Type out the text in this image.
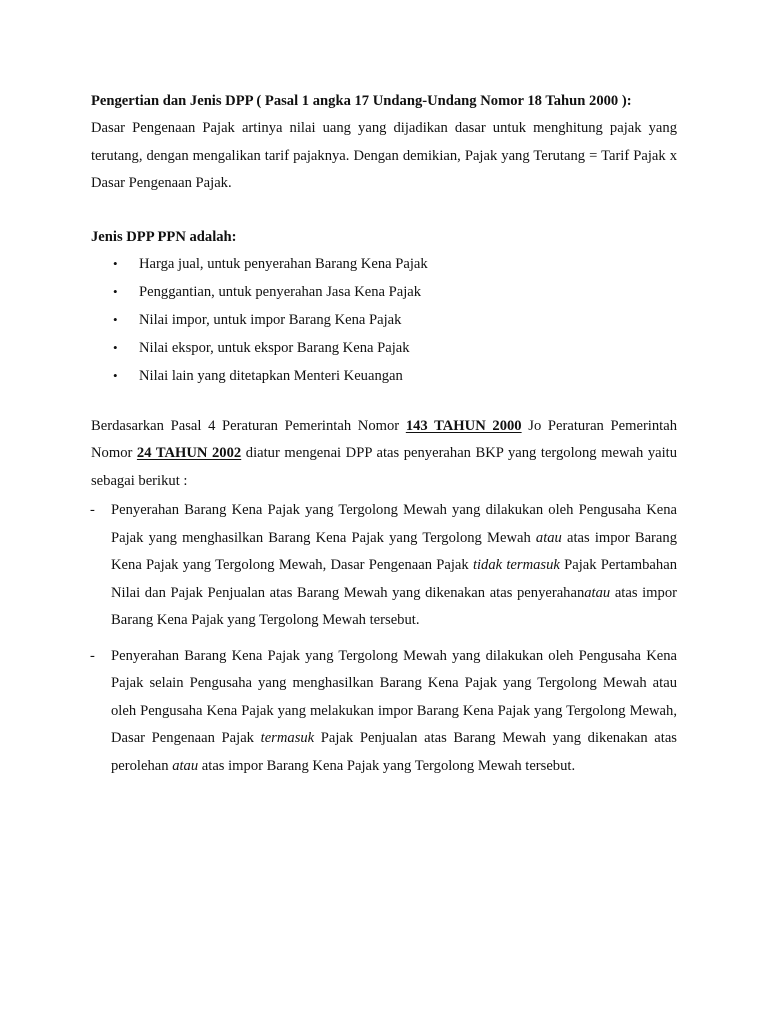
Pengertian dan Jenis DPP ( Pasal 1 angka 17 Undang-Undang Nomor 18 Tahun 2000 ):

Dasar Pengenaan Pajak artinya nilai uang yang dijadikan dasar untuk menghitung pajak yang terutang, dengan mengalikan tarif pajaknya. Dengan demikian, Pajak yang Terutang = Tarif Pajak x Dasar Pengenaan Pajak.

Jenis DPP PPN adalah:

• Harga jual, untuk penyerahan Barang Kena Pajak
• Penggantian, untuk penyerahan Jasa Kena Pajak
• Nilai impor, untuk impor Barang Kena Pajak
• Nilai ekspor, untuk ekspor Barang Kena Pajak
• Nilai lain yang ditetapkan Menteri Keuangan

Berdasarkan Pasal 4 Peraturan Pemerintah Nomor 143 TAHUN 2000 Jo Peraturan Pemerintah Nomor 24 TAHUN 2002 diatur mengenai DPP atas penyerahan BKP yang tergolong mewah yaitu sebagai berikut :

- Penyerahan Barang Kena Pajak yang Tergolong Mewah yang dilakukan oleh Pengusaha Kena Pajak yang menghasilkan Barang Kena Pajak yang Tergolong Mewah atau atas impor Barang Kena Pajak yang Tergolong Mewah, Dasar Pengenaan Pajak tidak termasuk Pajak Pertambahan Nilai dan Pajak Penjualan atas Barang Mewah yang dikenakan atas penyerahanatau atas impor Barang Kena Pajak yang Tergolong Mewah tersebut.

- Penyerahan Barang Kena Pajak yang Tergolong Mewah yang dilakukan oleh Pengusaha Kena Pajak selain Pengusaha yang menghasilkan Barang Kena Pajak yang Tergolong Mewah atau oleh Pengusaha Kena Pajak yang melakukan impor Barang Kena Pajak yang Tergolong Mewah, Dasar Pengenaan Pajak termasuk Pajak Penjualan atas Barang Mewah yang dikenakan atas perolehan atau atas impor Barang Kena Pajak yang Tergolong Mewah tersebut.
